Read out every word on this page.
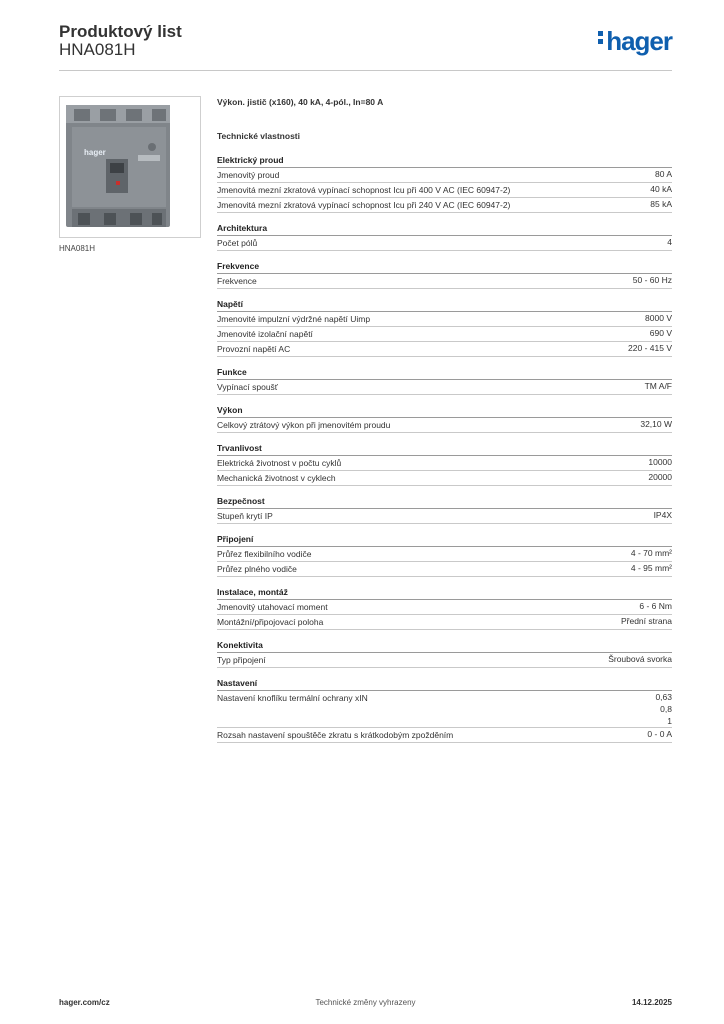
Produktový list
HNA081H	hager
hager
HNA081H
Výkon. jistič (x160), 40 kA, 4-pól., In=80 A
Technické vlastnosti
Elektrický proud
Jmenovitý proud	80 A
Jmenovitá mezní zkratová vypínací schopnost Icu při 400 V AC (IEC 60947-2)	40 kA
Jmenovitá mezní zkratová vypínací schopnost Icu při 240 V AC (IEC 60947-2)	85 kA
Architektura
Počet pólů	4
Frekvence
Frekvence	50 - 60 Hz
Napětí
Jmenovité impulzní výdržné napětí Uimp	8000 V
Jmenovité izolační napětí	690 V
Provozní napětí AC	220 - 415 V
Funkce
Vypínací spoušť	TM A/F
Výkon
Celkový ztrátový výkon při jmenovitém proudu	32,10 W
Trvanlivost
Elektrická životnost v počtu cyklů	10000
Mechanická životnost v cyklech	20000
Bezpečnost
Stupeň krytí IP	IP4X
Připojení
Průřez flexibilního vodiče	4 - 70 mm²
Průřez plného vodiče	4 - 95 mm²
Instalace, montáž
Jmenovitý utahovací moment	6 - 6 Nm
Montážní/připojovací poloha	Přední strana
Konektivita
Typ připojení	Šroubová svorka
Nastavení
Nastavení knoflíku termální ochrany xIN	0,63
0,8
1
Rozsah nastavení spouštěče zkratu s krátkodobým zpožděním	0 - 0 A
Technické změny vyhrazeny
hager.com/cz	14.12.2025
